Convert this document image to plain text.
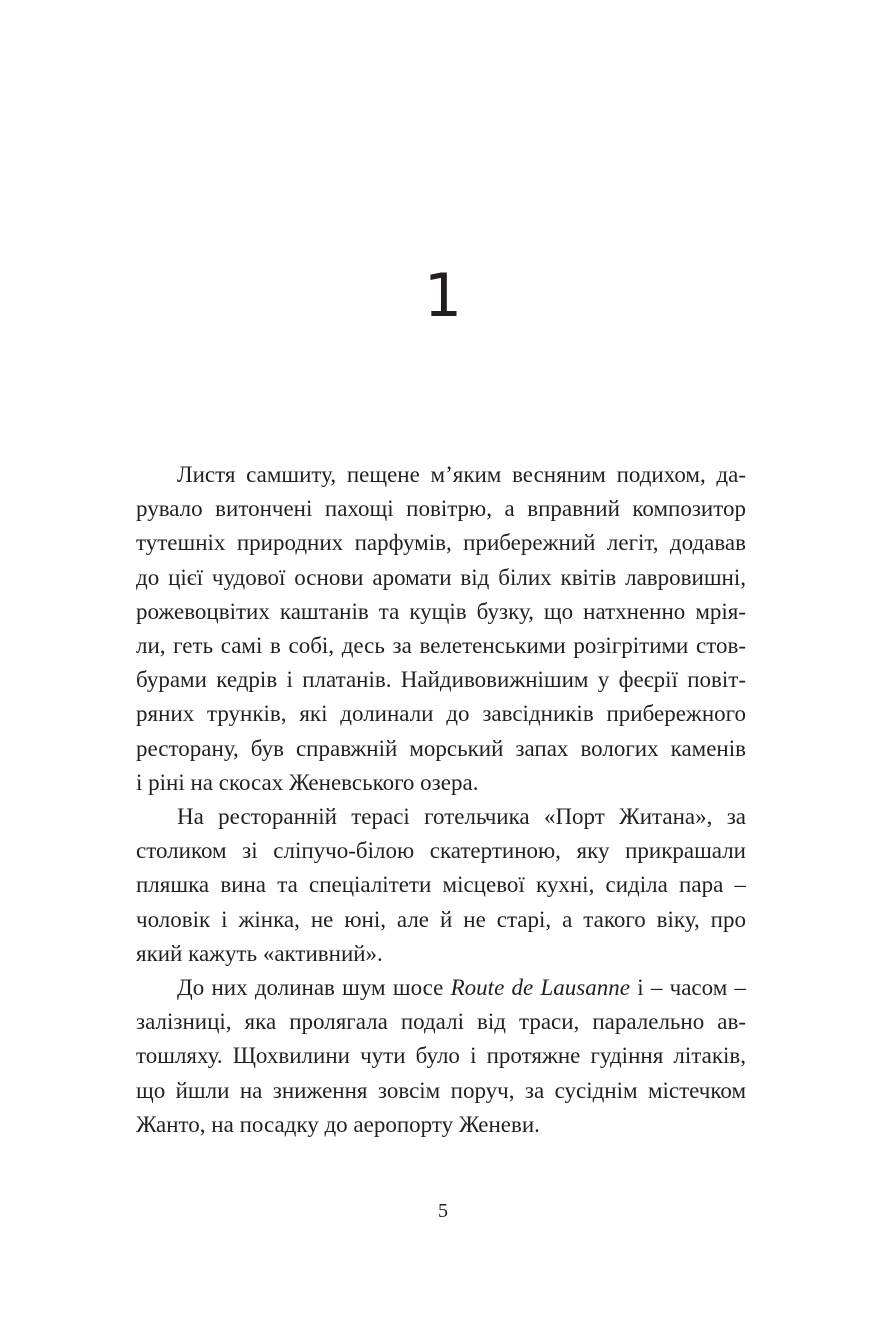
1
Листя самшиту, пещене м’яким весняним подихом, да-
рувало витончені пахощі повітрю, а вправний композитор
тутешніх природних парфумів, прибережний легіт, додавав
до цієї чудової основи аромати від білих квітів лавровишні,
рожевоцвітих каштанів та кущів бузку, що натхненно мрія-
ли, геть самі в собі, десь за велетенськими розігрітими стов-
бурами кедрів і платанів. Найдивовижнішим у феєрії повіт-
ряних трунків, які долинали до завсідників прибережного
ресторану, був справжній морський запах вологих каменів
і ріні на скосах Женевського озера.
На ресторанній терасі готельчика «Порт Житана», за
столиком зі сліпучо-білою скатертиною, яку прикрашали
пляшка вина та спеціалітети місцевої кухні, сиділа пара –
чоловік і жінка, не юні, але й не старі, а такого віку, про
який кажуть «активний».
До них долинав шум шосе Route de Lausanne і – часом –
залізниці, яка пролягала подалі від траси, паралельно ав-
тошляху. Щохвилини чути було і протяжне гудіння літаків,
що йшли на зниження зовсім поруч, за сусіднім містечком
Жанто, на посадку до аеропорту Женеви.
5
